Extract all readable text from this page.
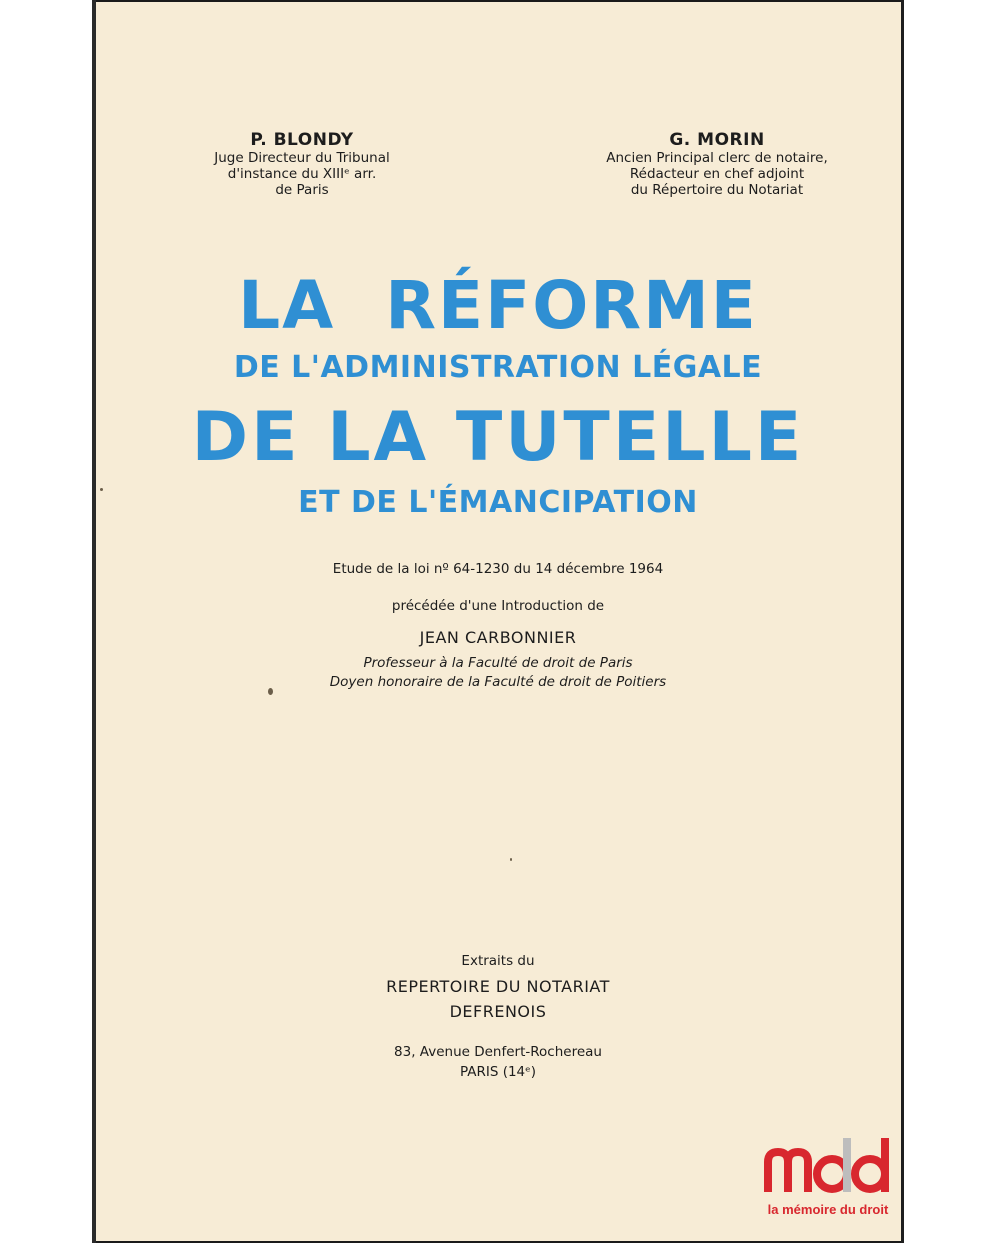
P. BLONDY
Juge Directeur du Tribunal
d'instance du XIIIᵉ arr.
de Paris
G. MORIN
Ancien Principal clerc de notaire,
Rédacteur en chef adjoint
du Répertoire du Notariat
LA  RÉFORME
DE L'ADMINISTRATION LÉGALE
DE LA TUTELLE
ET DE L'ÉMANCIPATION
Etude de la loi nº 64-1230 du 14 décembre 1964
précédée d'une Introduction de
JEAN CARBONNIER
Professeur à la Faculté de droit de Paris
Doyen honoraire de la Faculté de droit de Poitiers
Extraits du
REPERTOIRE DU NOTARIAT
DEFRENOIS
83, Avenue Denfert-Rochereau
PARIS (14ᵉ)
la mémoire du droit
